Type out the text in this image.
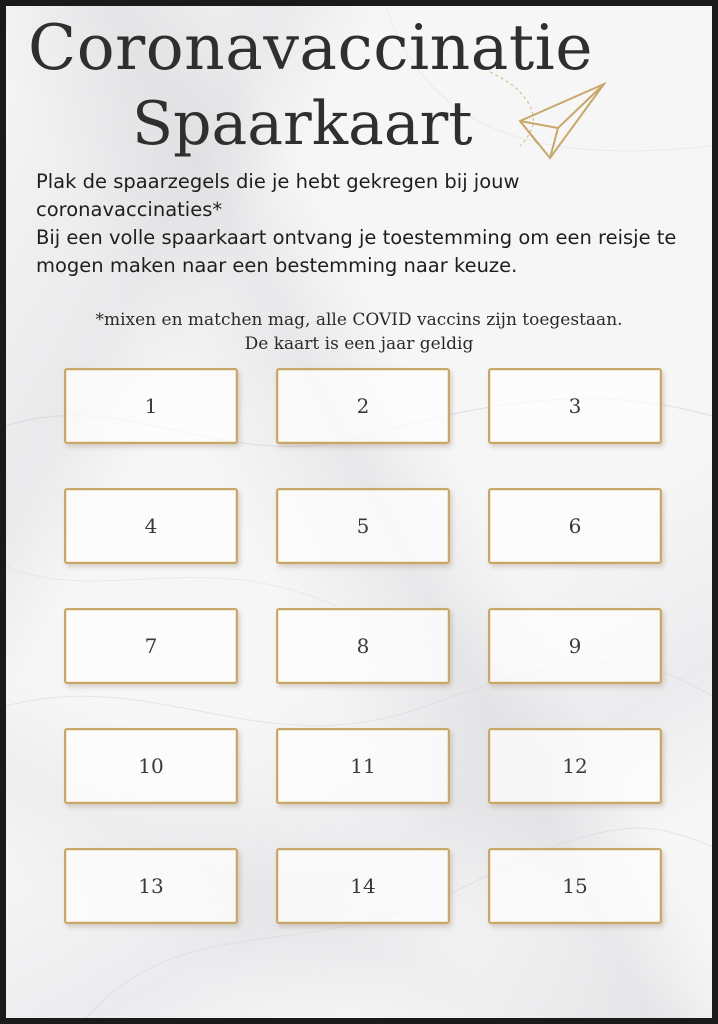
Coronavaccinatie
Spaarkaart

Plak de spaarzegels die je hebt gekregen bij jouw coronavaccinaties*

Bij een volle spaarkaart ontvang je toestemming om een reisje te mogen maken naar een bestemming naar keuze.

*mixen en matchen mag, alle COVID vaccins zijn toegestaan.

De kaart is een jaar geldig

1	2	3
4	5	6
7	8	9
10	11	12
13	14	15
